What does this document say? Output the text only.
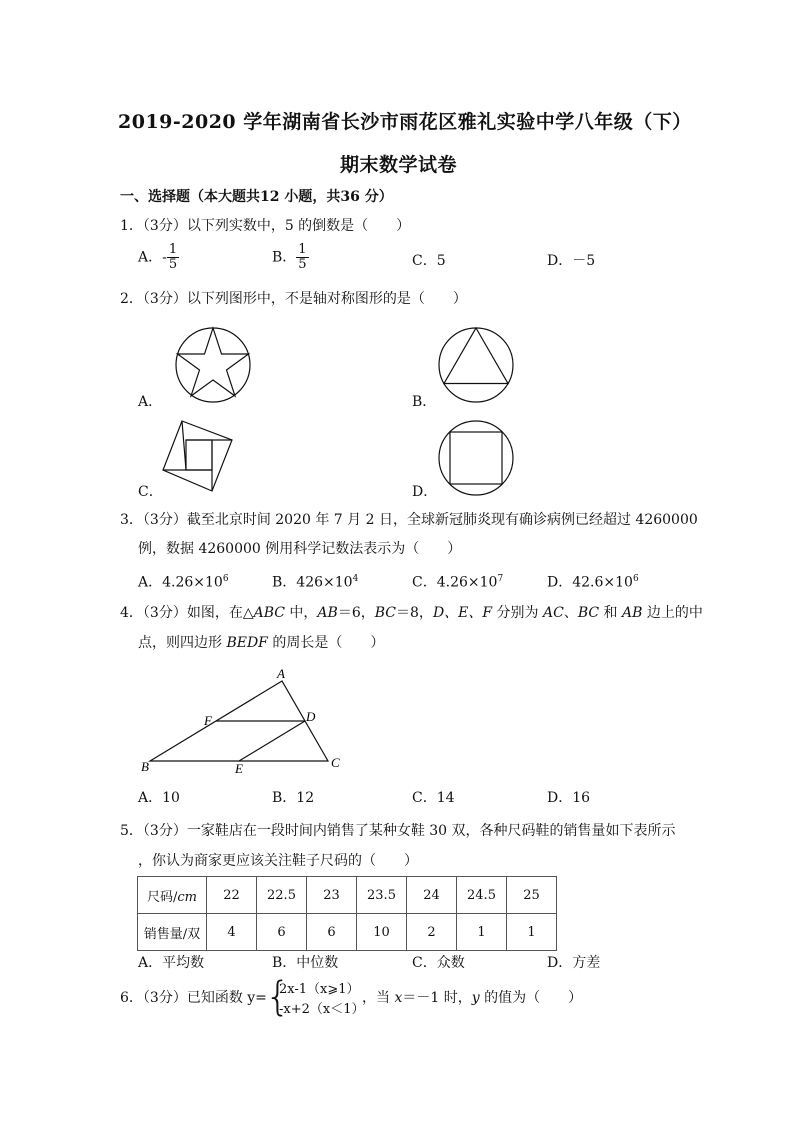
2019-2020 学年湖南省长沙市雨花区雅礼实验中学八年级（下）
期末数学试卷
一、选择题（本大题共12 小题，共36 分）
1．（3分）以下列实数中，5 的倒数是（　　）
A．- $\frac{1}{5}$	B． $\frac{1}{5}$	C．5	D．－5
2．（3分）以下列图形中，不是轴对称图形的是（　　）
A．	B．
C．	D．
3．（3分）截至北京时间 2020 年 7 月 2 日，全球新冠肺炎现有确诊病例已经超过 4260000
例，数据 4260000 例用科学记数法表示为（　　）
A．$4.26\times 10^6$	B．$426\times 10^4$	C．$4.26\times 10^7$	D．$42.6\times 10^6$
4．（3分）如图，在△ABC 中，AB＝6，BC＝8，D、E、F 分别为 AC、BC 和 AB 边上的中
点，则四边形 BEDF 的周长是（　　）
A
B	C
D
E
F
A．10	B．12	C．14	D．16
5．（3分）一家鞋店在一段时间内销售了某种女鞋 30 双，各种尺码鞋的销售量如下表所示
，你认为商家更应该关注鞋子尺码的（　　）
尺码/cm	22	22.5	23	23.5	24	24.5	25
销售量/双	4	6	6	10	2	1	1
A．平均数	B．中位数	C．众数	D．方差
6．（3分）已知函数 y=
{
2x-1（x⩾1）
-x+2（x＜1）
，当 x＝－1 时，y 的值为（　　）
